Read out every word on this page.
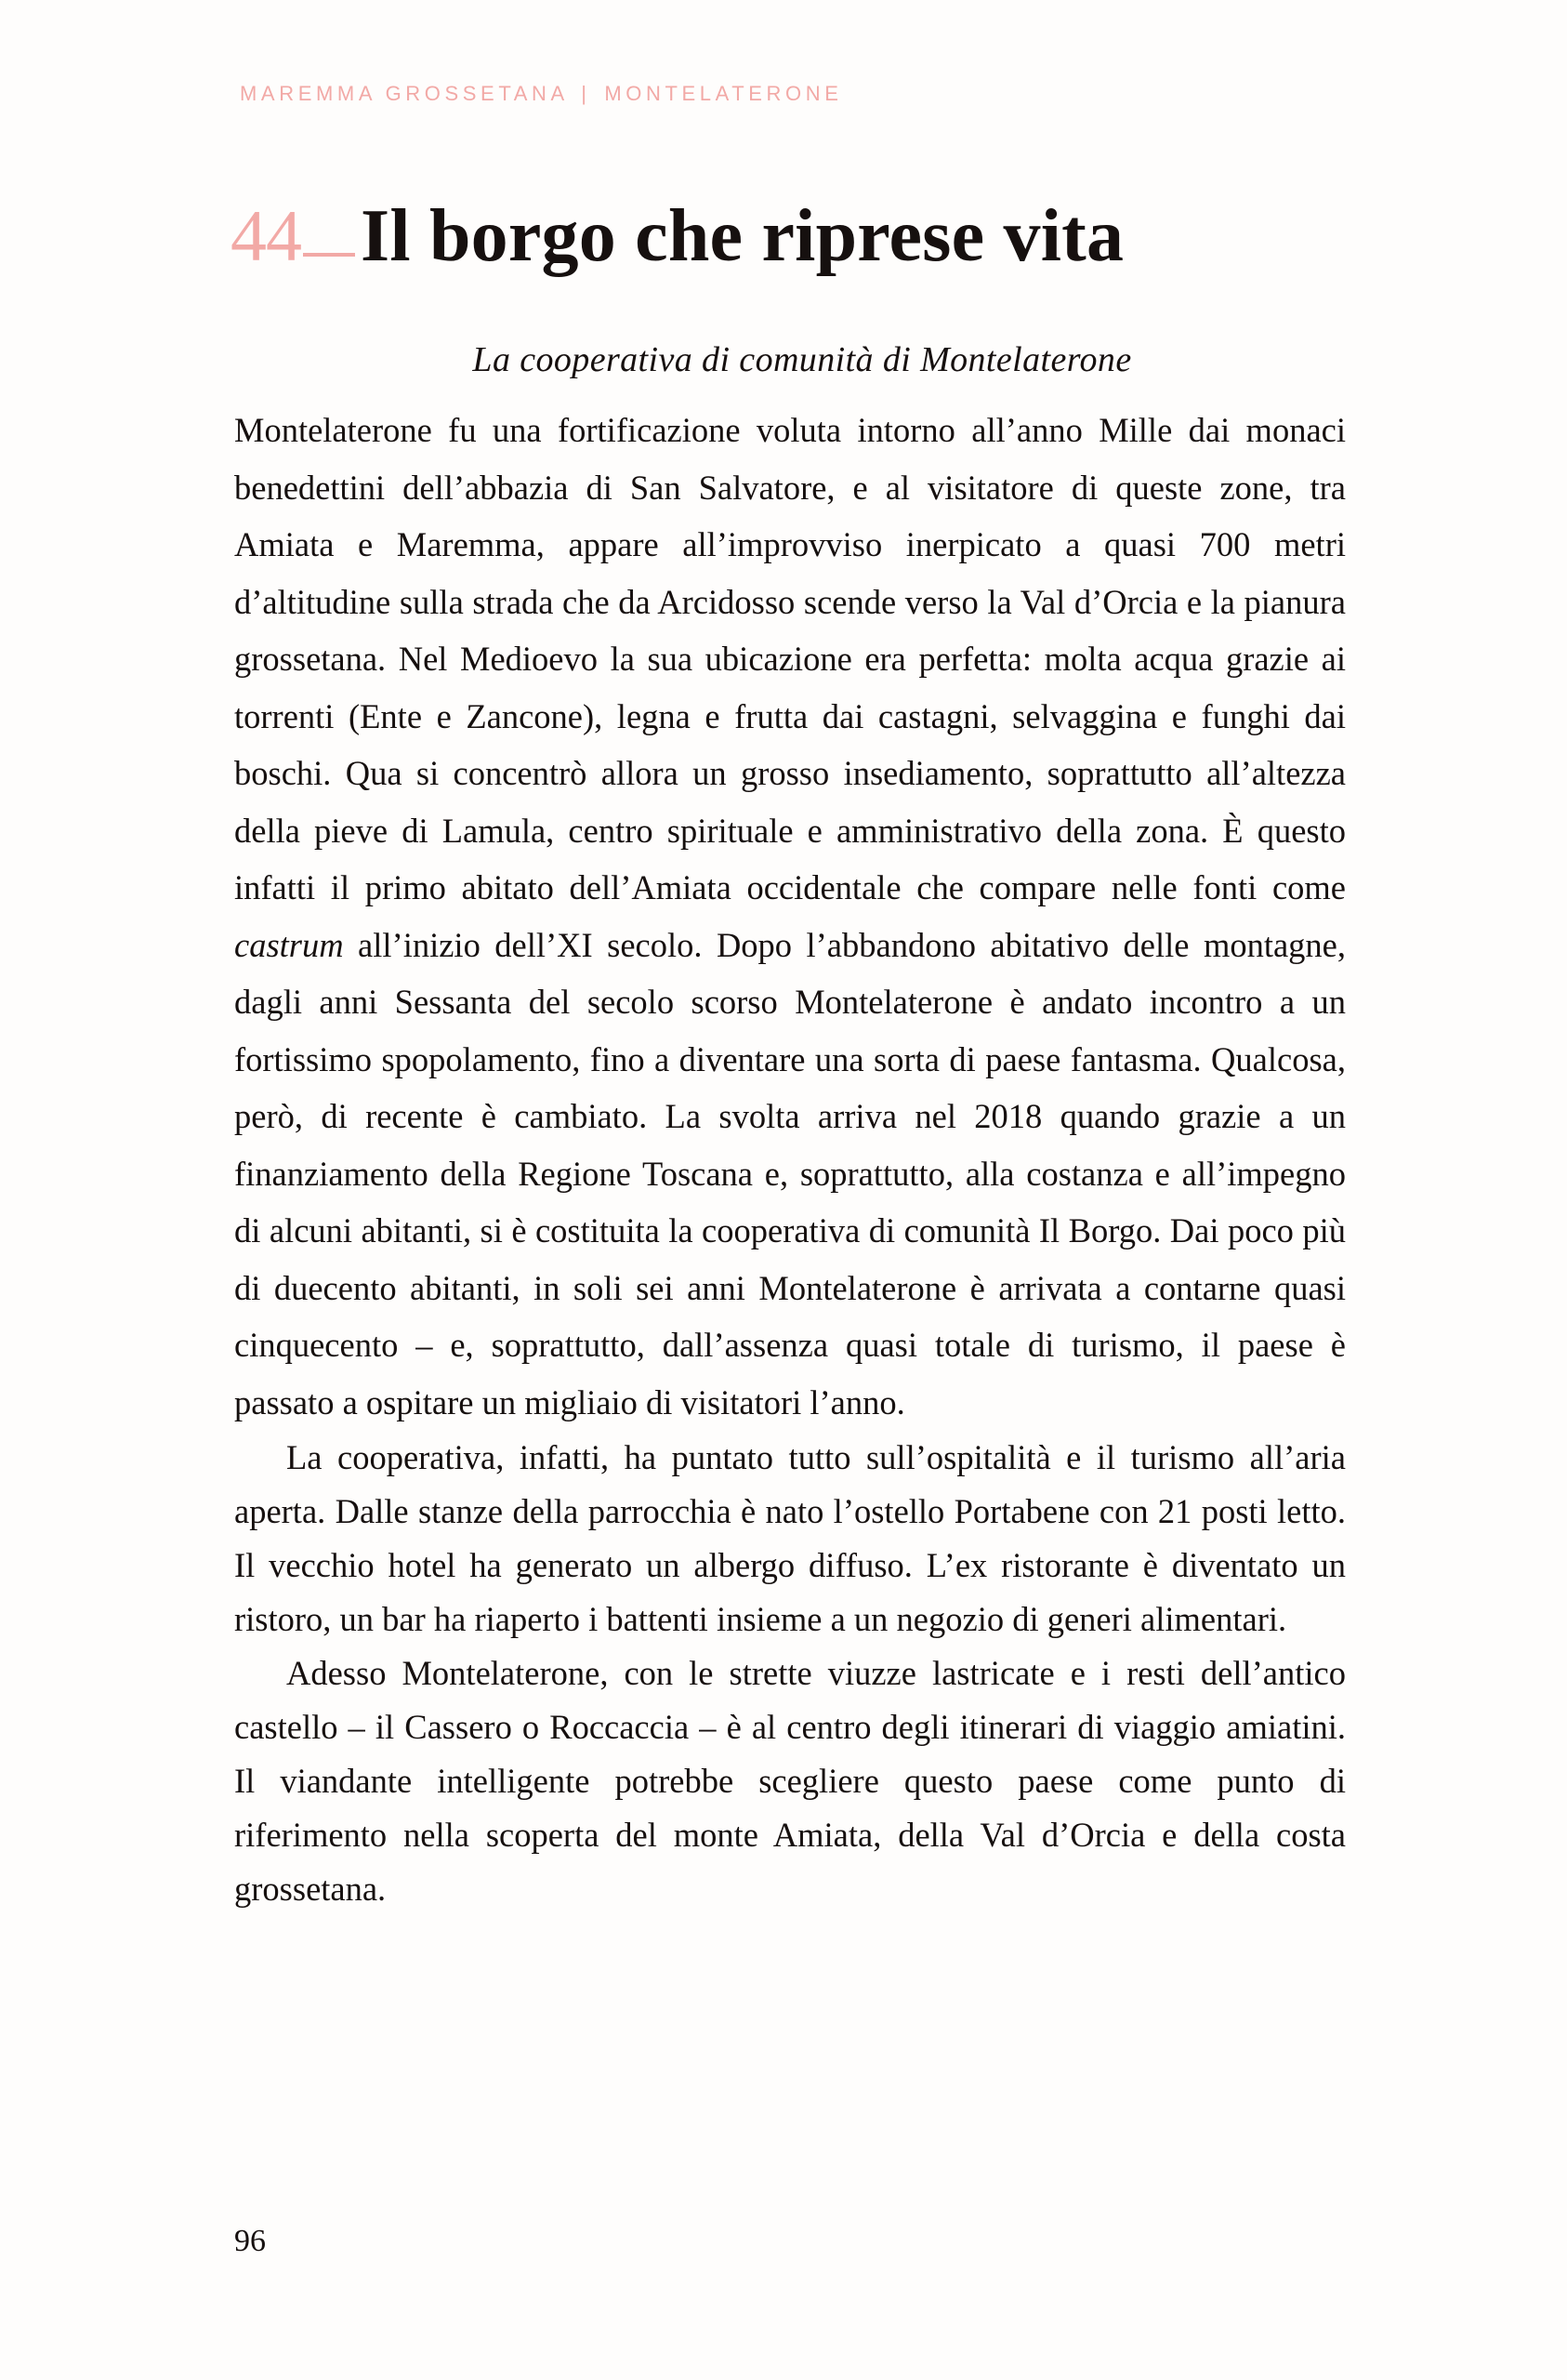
MAREMMA GROSSETANA | MONTELATERONE
44 Il borgo che riprese vita
La cooperativa di comunità di Montelaterone

Montelaterone fu una fortificazione voluta intorno all’anno Mille dai monaci benedettini dell’abbazia di San Salvatore, e al visitatore di queste zone, tra Amiata e Maremma, appare all’improvviso inerpicato a quasi 700 metri d’altitudine sulla strada che da Arcidosso scende verso la Val d’Orcia e la pianura grossetana. Nel Medioevo la sua ubicazione era perfetta: molta acqua grazie ai torrenti (Ente e Zancone), legna e frutta dai castagni, selvaggina e funghi dai boschi. Qua si concentrò allora un grosso insediamento, soprattutto all’altezza della pieve di Lamula, centro spirituale e amministrativo della zona. È questo infatti il primo abitato dell’Amiata occidentale che compare nelle fonti come castrum all’inizio dell’XI secolo. Dopo l’abbandono abitativo delle montagne, dagli anni Sessanta del secolo scorso Montelaterone è andato incontro a un fortissimo spopolamento, fino a diventare una sorta di paese fantasma. Qualcosa, però, di recente è cambiato. La svolta arriva nel 2018 quando grazie a un finanziamento della Regione Toscana e, soprattutto, alla costanza e all’impegno di alcuni abitanti, si è costituita la cooperativa di comunità Il Borgo. Dai poco più di duecento abitanti, in soli sei anni Montelaterone è arrivata a contarne quasi cinquecento – e, soprattutto, dall’assenza quasi totale di turismo, il paese è passato a ospitare un migliaio di visitatori l’anno.

La cooperativa, infatti, ha puntato tutto sull’ospitalità e il turismo all’aria aperta. Dalle stanze della parrocchia è nato l’ostello Portabene con 21 posti letto. Il vecchio hotel ha generato un albergo diffuso. L’ex ristorante è diventato un ristoro, un bar ha riaperto i battenti insieme a un negozio di generi alimentari.

Adesso Montelaterone, con le strette viuzze lastricate e i resti dell’antico castello – il Cassero o Roccaccia – è al centro degli itinerari di viaggio amiatini. Il viandante intelligente potrebbe scegliere questo paese come punto di riferimento nella scoperta del monte Amiata, della Val d’Orcia e della costa grossetana.

96
